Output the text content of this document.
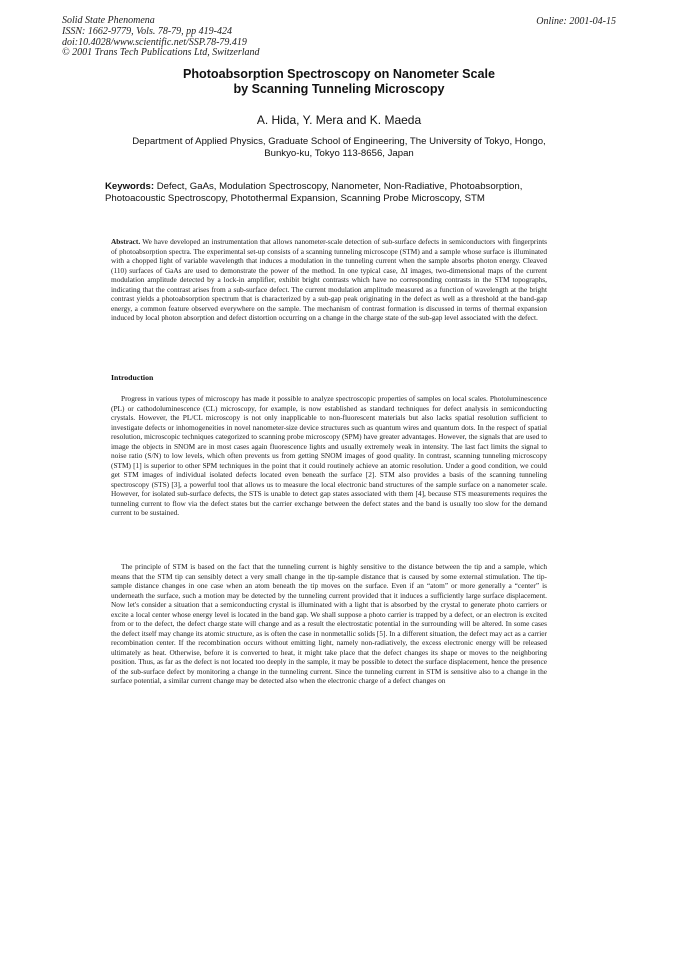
Solid State Phenomena
ISSN: 1662-9779, Vols. 78-79, pp 419-424
doi:10.4028/www.scientific.net/SSP.78-79.419
© 2001 Trans Tech Publications Ltd, Switzerland
Online: 2001-04-15
Photoabsorption Spectroscopy on Nanometer Scale
by Scanning Tunneling Microscopy
A. Hida, Y. Mera and K. Maeda
Department of Applied Physics, Graduate School of Engineering, The University of Tokyo, Hongo,
Bunkyo-ku, Tokyo 113-8656, Japan
Keywords: Defect, GaAs, Modulation Spectroscopy, Nanometer, Non-Radiative, Photoabsorption, Photoacoustic Spectroscopy, Photothermal Expansion, Scanning Probe Microscopy, STM
Abstract. We have developed an instrumentation that allows nanometer-scale detection of sub-surface defects in semiconductors with fingerprints of photoabsorption spectra. The experimental set-up consists of a scanning tunneling microscope (STM) and a sample whose surface is illuminated with a chopped light of variable wavelength that induces a modulation in the tunneling current when the sample absorbs photon energy. Cleaved (110) surfaces of GaAs are used to demonstrate the power of the method. In one typical case, ΔI images, two-dimensional maps of the current modulation amplitude detected by a lock-in amplifier, exhibit bright contrasts which have no corresponding contrasts in the STM topographs, indicating that the contrast arises from a sub-surface defect. The current modulation amplitude measured as a function of wavelength at the bright contrast yields a photoabsorption spectrum that is characterized by a sub-gap peak originating in the defect as well as a threshold at the band-gap energy, a common feature observed everywhere on the sample. The mechanism of contrast formation is discussed in terms of thermal expansion induced by local photon absorption and defect distortion occurring on a change in the charge state of the sub-gap level associated with the defect.
Introduction
Progress in various types of microscopy has made it possible to analyze spectroscopic properties of samples on local scales. Photoluminescence (PL) or cathodoluminescence (CL) microscopy, for example, is now established as standard techniques for defect analysis in semiconducting crystals. However, the PL/CL microscopy is not only inapplicable to non-fluorescent materials but also lacks spatial resolution sufficient to investigate defects or inhomogeneities in novel nanometer-size device structures such as quantum wires and quantum dots. In the respect of spatial resolution, microscopic techniques categorized to scanning probe microscopy (SPM) have greater advantages. However, the signals that are used to image the objects in SNOM are in most cases again fluorescence lights and usually extremely weak in intensity. The last fact limits the signal to noise ratio (S/N) to low levels, which often prevents us from getting SNOM images of good quality. In contrast, scanning tunneling microscopy (STM) [1] is superior to other SPM techniques in the point that it could routinely achieve an atomic resolution. Under a good condition, we could get STM images of individual isolated defects located even beneath the surface [2]. STM also provides a basis of the scanning tunneling spectroscopy (STS) [3], a powerful tool that allows us to measure the local electronic band structures of the sample surface on a nanometer scale. However, for isolated sub-surface defects, the STS is unable to detect gap states associated with them [4], because STS measurements requires the tunneling current to flow via the defect states but the carrier exchange between the defect states and the band is usually too slow for the demand current to be sustained.
The principle of STM is based on the fact that the tunneling current is highly sensitive to the distance between the tip and a sample, which means that the STM tip can sensibly detect a very small change in the tip-sample distance that is caused by some external stimulation. The tip-sample distance changes in one case when an atom beneath the tip moves on the surface. Even if an “atom” or more generally a “center” is underneath the surface, such a motion may be detected by the tunneling current provided that it induces a sufficiently large surface displacement. Now let's consider a situation that a semiconducting crystal is illuminated with a light that is absorbed by the crystal to generate photo carriers or excite a local center whose energy level is located in the band gap. We shall suppose a photo carrier is trapped by a defect, or an electron is excited from or to the defect, the defect charge state will change and as a result the electrostatic potential in the surrounding will be altered. In some cases the defect itself may change its atomic structure, as is often the case in nonmetallic solids [5]. In a different situation, the defect may act as a carrier recombination center. If the recombination occurs without emitting light, namely non-radiatively, the excess electronic energy will be released ultimately as heat. Otherwise, before it is converted to heat, it might take place that the defect changes its shape or moves to the neighboring position. Thus, as far as the defect is not located too deeply in the sample, it may be possible to detect the surface displacement, hence the presence of the sub-surface defect by monitoring a change in the tunneling current. Since the tunneling current in STM is sensitive also to a change in the surface potential, a similar current change may be detected also when the electronic charge of a defect changes on
